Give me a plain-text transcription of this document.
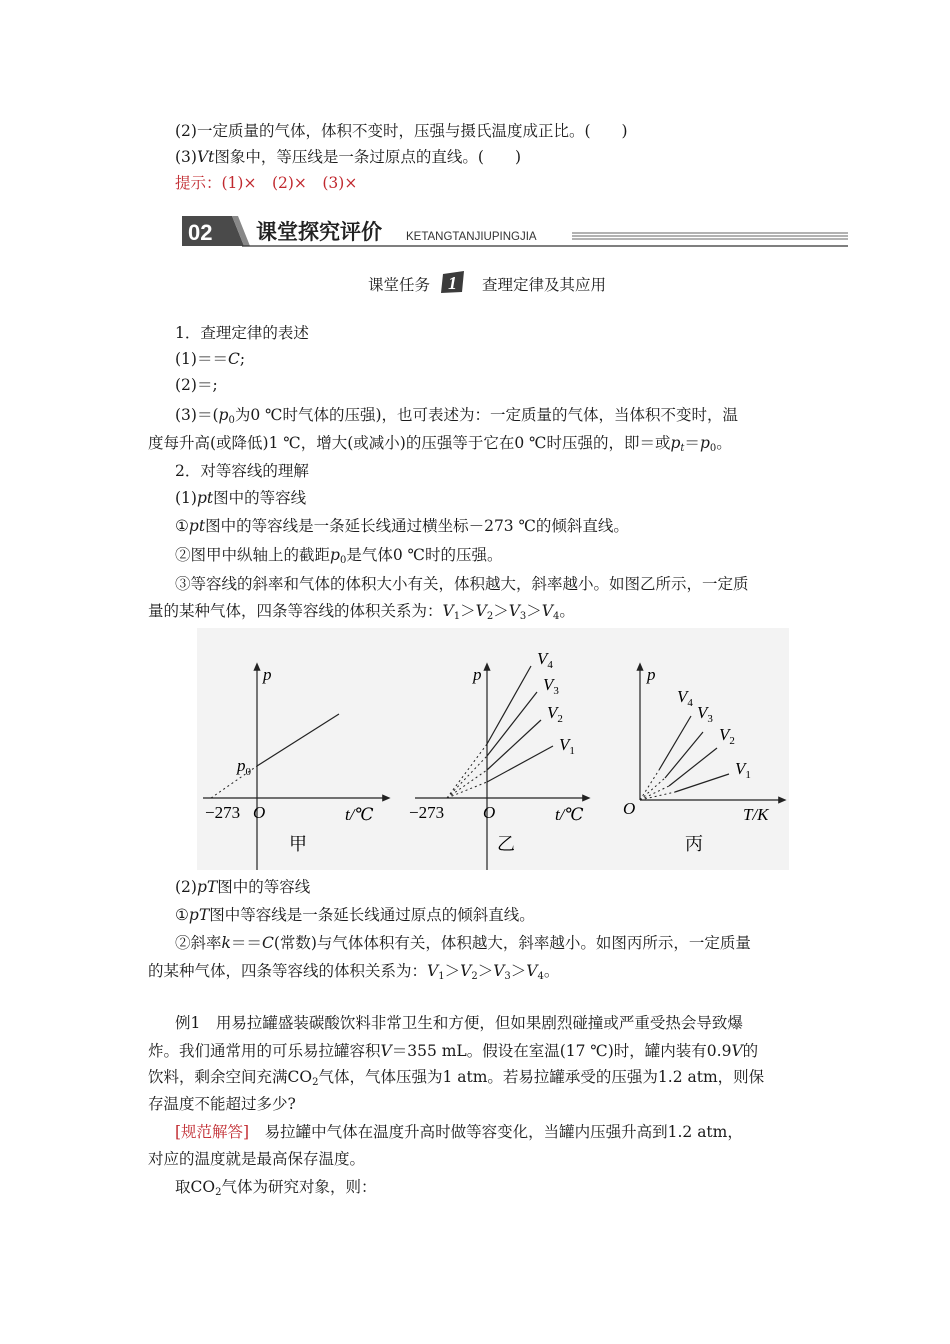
(2)一定质量的气体，体积不变时，压强与摄氏温度成正比。(　　)
(3)Vt图象中，等压线是一条过原点的直线。(　　)
提示：(1)×　(2)×　(3)×
02 课堂探究评价 KETANGTANJIUPINGJIA
课堂任务 1 查理定律及其应用
1．查理定律的表述
(1)＝＝C;
(2)＝;
$(3)=(p_0$为0 ℃时气体的压强)，也可表述为：一定质量的气体，当体积不变时，温
度每升高(或降低)1 ℃，增大(或减小)的压强等于它在0 ℃时压强的，即＝或$p_t=p_0$。
2．对等容线的理解
(1)pt图中的等容线
①pt图中的等容线是一条延长线通过横坐标－273 ℃的倾斜直线。
②图甲中纵轴上的截距$p_0$是气体0 ℃时的压强。
③等容线的斜率和气体的体积大小有关，体积越大，斜率越小。如图乙所示，一定质
量的某种气体，四条等容线的体积关系为：$V_1>V_2>V_3>V_4$。
p
$p_0$
O
−273	t/℃
甲
p
$V_4$
$V_3$
$V_2$
$V_1$
O
−273	t/℃
乙
p
$V_4$ $V_3$
$V_2$
$V_1$
O	T/K
丙
(2)pT图中的等容线
①pT图中等容线是一条延长线通过原点的倾斜直线。
②斜率k＝＝C(常数)与气体体积有关，体积越大，斜率越小。如图丙所示，一定质量
的某种气体，四条等容线的体积关系为：$V_1>V_2>V_3>V_4$。
例1　用易拉罐盛装碳酸饮料非常卫生和方便，但如果剧烈碰撞或严重受热会导致爆
炸。我们通常用的可乐易拉罐容积V＝355 mL。假设在室温(17 ℃)时，罐内装有0.9V的
饮料，剩余空间充满$CO_2$气体，气体压强为1 atm。若易拉罐承受的压强为1.2 atm，则保
存温度不能超过多少?
[规范解答]　易拉罐中气体在温度升高时做等容变化，当罐内压强升高到1.2 atm，
对应的温度就是最高保存温度。
取$CO_2$气体为研究对象，则：
